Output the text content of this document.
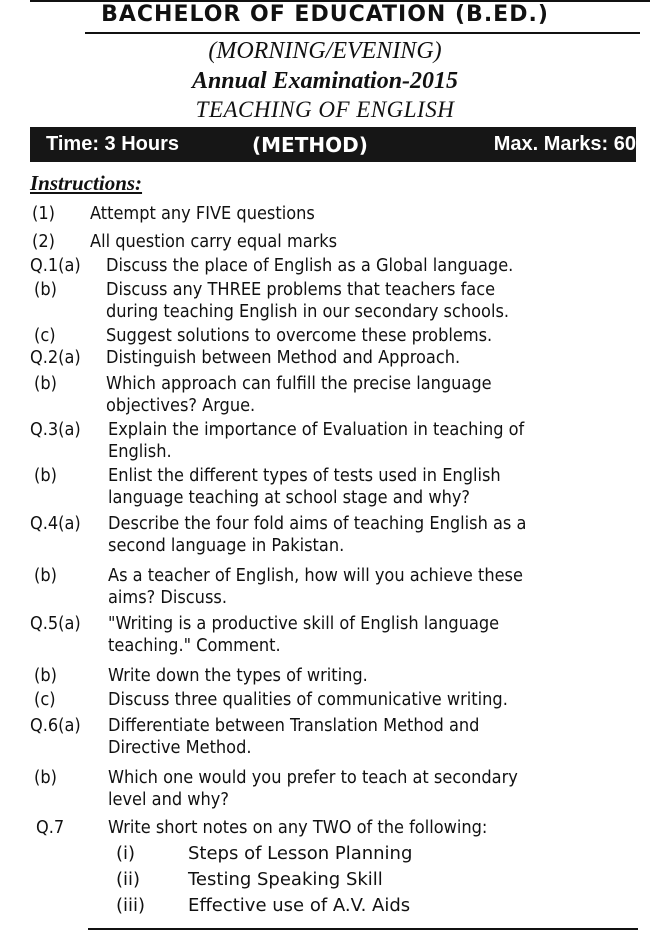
BACHELOR OF EDUCATION (B.ED.)
(MORNING/EVENING)
Annual Examination-2015
TEACHING OF ENGLISH
Time: 3 Hours	(METHOD)	Max. Marks: 60
Instructions:
(1) Attempt any FIVE questions
(2) All question carry equal marks
Q.1(a) Discuss the place of English as a Global language.
(b)	Discuss any THREE problems that teachers face
during teaching English in our secondary schools.
(c)	Suggest solutions to overcome these problems.
Q.2(a) Distinguish between Method and Approach.
(b)	Which approach can fulfill the precise language
objectives? Argue.
Q.3(a) Explain the importance of Evaluation in teaching of
English.
(b)	Enlist the different types of tests used in English
language teaching at school stage and why?
Q.4(a) Describe the four fold aims of teaching English as a
second language in Pakistan.
(b)	As a teacher of English, how will you achieve these
aims? Discuss.
Q.5(a) "Writing is a productive skill of English language
teaching." Comment.
(b)	Write down the types of writing.
(c)	Discuss three qualities of communicative writing.
Q.6(a) Differentiate between Translation Method and
Directive Method.
(b)	Which one would you prefer to teach at secondary
level and why?
Q.7 Write short notes on any TWO of the following:
(i)	Steps of Lesson Planning
(ii)	Testing Speaking Skill
(iii) Effective use of A.V. Aids
